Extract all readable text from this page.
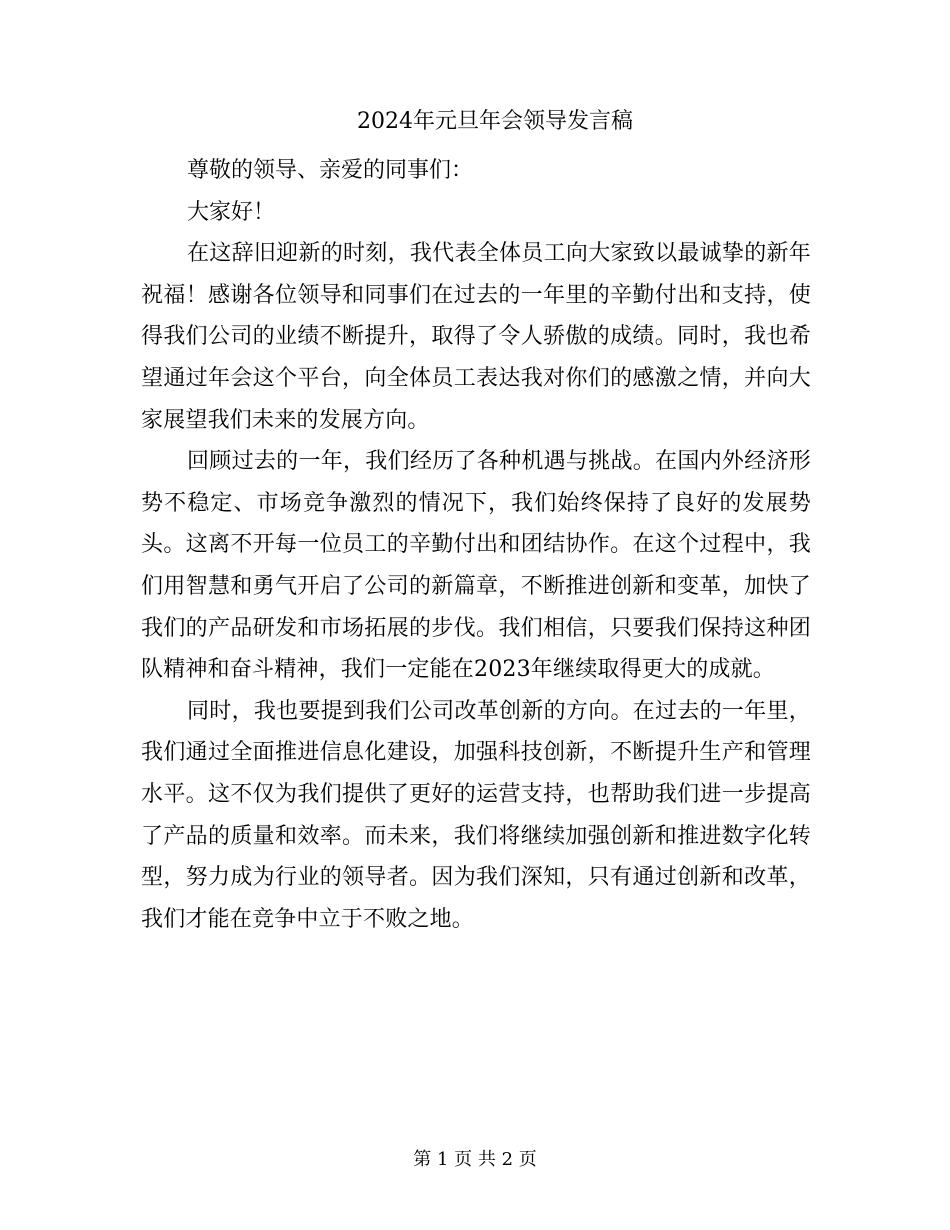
2024年元旦年会领导发言稿

尊敬的领导、亲爱的同事们：

大家好！

在这辞旧迎新的时刻，我代表全体员工向大家致以最诚挚的新年祝福！感谢各位领导和同事们在过去的一年里的辛勤付出和支持，使得我们公司的业绩不断提升，取得了令人骄傲的成绩。同时，我也希望通过年会这个平台，向全体员工表达我对你们的感激之情，并向大家展望我们未来的发展方向。

回顾过去的一年，我们经历了各种机遇与挑战。在国内外经济形势不稳定、市场竞争激烈的情况下，我们始终保持了良好的发展势头。这离不开每一位员工的辛勤付出和团结协作。在这个过程中，我们用智慧和勇气开启了公司的新篇章，不断推进创新和变革，加快了我们的产品研发和市场拓展的步伐。我们相信，只要我们保持这种团队精神和奋斗精神，我们一定能在2023年继续取得更大的成就。

同时，我也要提到我们公司改革创新的方向。在过去的一年里，我们通过全面推进信息化建设，加强科技创新，不断提升生产和管理水平。这不仅为我们提供了更好的运营支持，也帮助我们进一步提高了产品的质量和效率。而未来，我们将继续加强创新和推进数字化转型，努力成为行业的领导者。因为我们深知，只有通过创新和改革，我们才能在竞争中立于不败之地。

第 1 页 共 2 页
